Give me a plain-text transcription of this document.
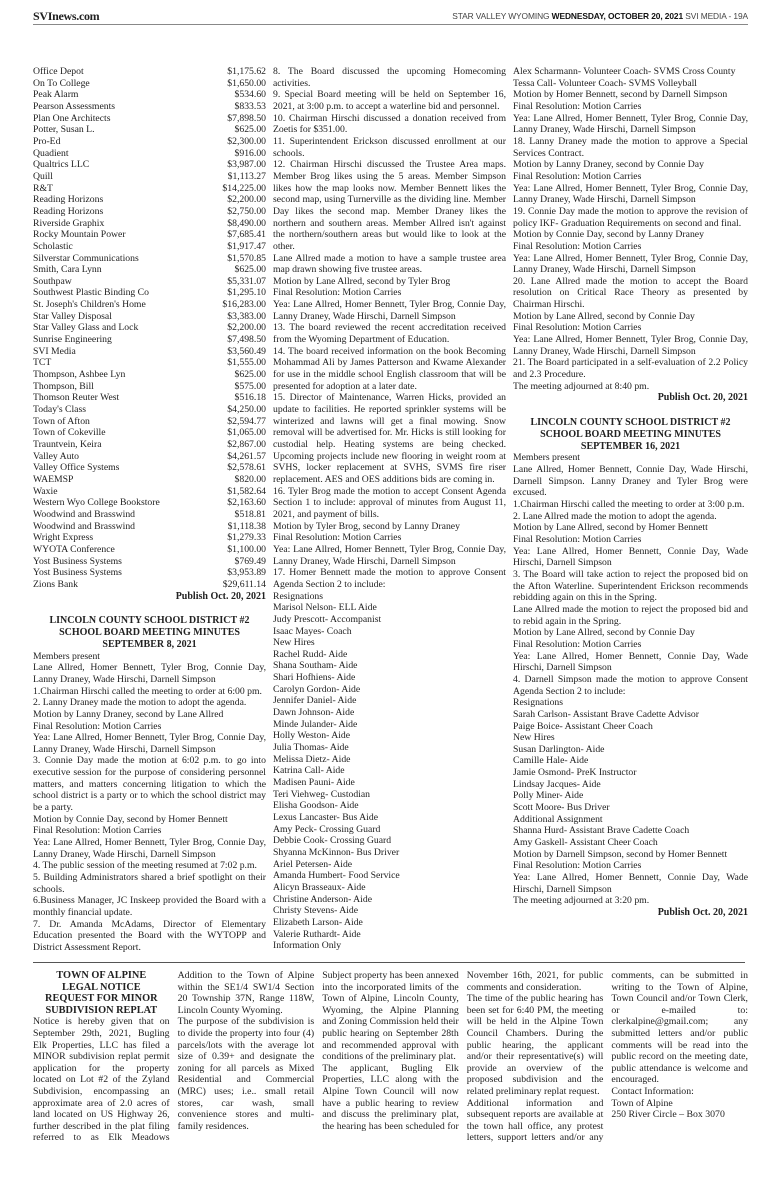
SVInews.com	STAR VALLEY WYOMING WEDNESDAY, OCTOBER 20, 2021 SVI MEDIA - 19A
Office Depot	$1,175.62
On To College	$1,650.00
Peak Alarm	$534.60
Pearson Assessments	$833.53
Plan One Architects	$7,898.50
Potter, Susan L.	$625.00
Pro-Ed	$2,300.00
Quadient	$916.00
Qualtrics LLC	$3,987.00
Quill	$1,113.27
R&T	$14,225.00
Reading Horizons	$2,200.00
Reading Horizons	$2,750.00
Riverside Graphix	$8,490.00
Rocky Mountain Power	$7,685.41
Scholastic	$1,917.47
Silverstar Communications	$1,570.85
Smith, Cara Lynn	$625.00
Southpaw	$5,331.07
Southwest Plastic Binding Co	$1,295.10
St. Joseph's Children's Home	$16,283.00
Star Valley Disposal	$3,383.00
Star Valley Glass and Lock	$2,200.00
Sunrise Engineering	$7,498.50
SVI Media	$3,560.49
TCT	$1,555.00
Thompson, Ashbee Lyn	$625.00
Thompson, Bill	$575.00
Thomson Reuter West	$516.18
Today's Class	$4,250.00
Town of Afton	$2,594.77
Town of Cokeville	$1,065.00
Trauntvein, Keira	$2,867.00
Valley Auto	$4,261.57
Valley Office Systems	$2,578.61
WAEMSP	$820.00
Waxie	$1,582.64
Western Wyo College Bookstore	$2,163.60
Woodwind and Brasswind	$518.81
Woodwind and Brasswind	$1,118.38
Wright Express	$1,279.33
WYOTA Conference	$1,100.00
Yost Business Systems	$769.49
Yost Business Systems	$3,953.89
Zions Bank	$29,611.14
Publish Oct. 20, 2021
LINCOLN COUNTY SCHOOL DISTRICT #2
SCHOOL BOARD MEETING MINUTES
SEPTEMBER 8, 2021

Members present

Lane Allred, Homer Bennett, Tyler Brog, Connie Day, Lanny Draney, Wade Hirschi, Darnell Simpson

1.Chairman Hirschi called the meeting to order at 6:00 pm.

2. Lanny Draney made the motion to adopt the agenda.

Motion by Lanny Draney, second by Lane Allred

Final Resolution: Motion Carries

Yea: Lane Allred, Homer Bennett, Tyler Brog, Connie Day, Lanny Draney, Wade Hirschi, Darnell Simpson

3. Connie Day made the motion at 6:02 p.m. to go into executive session for the purpose of considering personnel matters, and matters concerning litigation to which the school district is a party or to which the school district may be a party.

Motion by Connie Day, second by Homer Bennett

Final Resolution: Motion Carries

Yea: Lane Allred, Homer Bennett, Tyler Brog, Connie Day, Lanny Draney, Wade Hirschi, Darnell Simpson

4. The public session of the meeting resumed at 7:02 p.m.

5. Building Administrators shared a brief spotlight on their schools.

6.Business Manager, JC Inskeep provided the Board with a monthly financial update.

7. Dr. Amanda McAdams, Director of Elementary Education presented the Board with the WYTOPP and District Assessment Report.

8. The Board discussed the upcoming Homecoming activities.

9. Special Board meeting will be held on September 16, 2021, at 3:00 p.m. to accept a waterline bid and personnel.

10. Chairman Hirschi discussed a donation received from Zoetis for $351.00.

11. Superintendent Erickson discussed enrollment at our schools.

12. Chairman Hirschi discussed the Trustee Area maps. Member Brog likes using the 5 areas. Member Simpson likes how the map looks now. Member Bennett likes the second map, using Turnerville as the dividing line. Member Day likes the second map. Member Draney likes the northern and southern areas. Member Allred isn't against the northern/southern areas but would like to look at the other.

Lane Allred made a motion to have a sample trustee area map drawn showing five trustee areas.

Motion by Lane Allred, second by Tyler Brog

Final Resolution: Motion Carries

Yea: Lane Allred, Homer Bennett, Tyler Brog, Connie Day, Lanny Draney, Wade Hirschi, Darnell Simpson

13. The board reviewed the recent accreditation received from the Wyoming Department of Education.

14. The board received information on the book Becoming Mohammad Ali by James Patterson and Kwame Alexander for use in the middle school English classroom that will be presented for adoption at a later date.

15. Director of Maintenance, Warren Hicks, provided an update to facilities. He reported sprinkler systems will be winterized and lawns will get a final mowing. Snow removal will be advertised for. Mr. Hicks is still looking for custodial help. Heating systems are being checked. Upcoming projects include new flooring in weight room at SVHS, locker replacement at SVHS, SVMS fire riser replacement. AES and OES additions bids are coming in.

16. Tyler Brog made the motion to accept Consent Agenda Section 1 to include: approval of minutes from August 11, 2021, and payment of bills.

Motion by Tyler Brog, second by Lanny Draney

Final Resolution: Motion Carries

Yea: Lane Allred, Homer Bennett, Tyler Brog, Connie Day, Lanny Draney, Wade Hirschi, Darnell Simpson

17. Homer Bennett made the motion to approve Consent Agenda Section 2 to include:

Resignations

Marisol Nelson- ELL Aide

Judy Prescott- Accompanist

Isaac Mayes- Coach

New Hires

Rachel Rudd- Aide

Shana Southam- Aide

Shari Hofhiens- Aide

Carolyn Gordon- Aide

Jennifer Daniel- Aide

Dawn Johnson- Aide

Minde Julander- Aide

Holly Weston- Aide

Julia Thomas- Aide

Melissa Dietz- Aide

Katrina Call- Aide

Madisen Pauni- Aide

Teri Viehweg- Custodian

Elisha Goodson- Aide

Lexus Lancaster- Bus Aide

Amy Peck- Crossing Guard

Debbie Cook- Crossing Guard

Shyanna McKinnon- Bus Driver

Ariel Petersen- Aide

Amanda Humbert- Food Service

Alicyn Brasseaux- Aide

Christine Anderson- Aide

Christy Stevens- Aide

Elizabeth Larson- Aide

Valerie Ruthardt- Aide

Information Only

Alex Scharmann- Volunteer Coach- SVMS Cross County

Tessa Call- Volunteer Coach- SVMS Volleyball

Motion by Homer Bennett, second by Darnell Simpson

Final Resolution: Motion Carries

Yea: Lane Allred, Homer Bennett, Tyler Brog, Connie Day, Lanny Draney, Wade Hirschi, Darnell Simpson

18. Lanny Draney made the motion to approve a Special Services Contract.

Motion by Lanny Draney, second by Connie Day

Final Resolution: Motion Carries

Yea: Lane Allred, Homer Bennett, Tyler Brog, Connie Day, Lanny Draney, Wade Hirschi, Darnell Simpson

19. Connie Day made the motion to approve the revision of policy IKF- Graduation Requirements on second and final.

Motion by Connie Day, second by Lanny Draney

Final Resolution: Motion Carries

Yea: Lane Allred, Homer Bennett, Tyler Brog, Connie Day, Lanny Draney, Wade Hirschi, Darnell Simpson

20. Lane Allred made the motion to accept the Board resolution on Critical Race Theory as presented by Chairman Hirschi.

Motion by Lane Allred, second by Connie Day

Final Resolution: Motion Carries

Yea: Lane Allred, Homer Bennett, Tyler Brog, Connie Day, Lanny Draney, Wade Hirschi, Darnell Simpson

21. The Board participated in a self-evaluation of 2.2 Policy and 2.3 Procedure.

The meeting adjourned at 8:40 pm.

Publish Oct. 20, 2021
LINCOLN COUNTY SCHOOL DISTRICT #2
SCHOOL BOARD MEETING MINUTES
SEPTEMBER 16, 2021

Members present

Lane Allred, Homer Bennett, Connie Day, Wade Hirschi, Darnell Simpson. Lanny Draney and Tyler Brog were excused.

1.Chairman Hirschi called the meeting to order at 3:00 p.m.

2. Lane Allred made the motion to adopt the agenda.

Motion by Lane Allred, second by Homer Bennett

Final Resolution: Motion Carries

Yea: Lane Allred, Homer Bennett, Connie Day, Wade Hirschi, Darnell Simpson

3. The Board will take action to reject the proposed bid on the Afton Waterline. Superintendent Erickson recommends rebidding again on this in the Spring.

Lane Allred made the motion to reject the proposed bid and to rebid again in the Spring.

Motion by Lane Allred, second by Connie Day

Final Resolution: Motion Carries

Yea: Lane Allred, Homer Bennett, Connie Day, Wade Hirschi, Darnell Simpson

4. Darnell Simpson made the motion to approve Consent Agenda Section 2 to include:

Resignations

Sarah Carlson- Assistant Brave Cadette Advisor

Paige Boice- Assistant Cheer Coach

New Hires

Susan Darlington- Aide

Camille Hale- Aide

Jamie Osmond- PreK Instructor

Lindsay Jacques- Aide

Polly Miner- Aide

Scott Moore- Bus Driver

Additional Assignment

Shanna Hurd- Assistant Brave Cadette Coach

Amy Gaskell- Assistant Cheer Coach

Motion by Darnell Simpson, second by Homer Bennett

Final Resolution: Motion Carries

Yea: Lane Allred, Homer Bennett, Connie Day, Wade Hirschi, Darnell Simpson

The meeting adjourned at 3:20 pm.

Publish Oct. 20, 2021
TOWN OF ALPINE
LEGAL NOTICE
REQUEST FOR MINOR
SUBDIVISION REPLAT

Notice is hereby given that on September 29th, 2021, Bugling Elk Properties, LLC has filed a MINOR subdivision replat permit application for the property located on Lot #2 of the Zyland Subdivision, encompassing an approximate area of 2.0 acres of land located on US Highway 26, further described in the plat filing referred to as Elk Meadows Addition to the Town of Alpine within the SE1/4 SW1/4 Section 20 Township 37N, Range 118W, Lincoln County Wyoming.

The purpose of the subdivision is to divide the property into four (4) parcels/lots with the average lot size of 0.39+ and designate the zoning for all parcels as Mixed Residential and Commercial (MRC) uses; i.e.. small retail stores, car wash, small convenience stores and multi-family residences.

Subject property has been annexed into the incorporated limits of the Town of Alpine, Lincoln County, Wyoming, the Alpine Planning and Zoning Commission held their public hearing on September 28th and recommended approval with conditions of the preliminary plat.

The applicant, Bugling Elk Properties, LLC along with the Alpine Town Council will now have a public hearing to review and discuss the preliminary plat, the hearing has been scheduled for November 16th, 2021, for public comments and consideration.

The time of the public hearing has been set for 6:40 PM, the meeting will be held in the Alpine Town Council Chambers. During the public hearing, the applicant and/or their representative(s) will provide an overview of the proposed subdivision and the related preliminary replat request.

Additional information and subsequent reports are available at the town hall office, any protest letters, support letters and/or any comments, can be submitted in writing to the Town of Alpine, Town Council and/or Town Clerk, or e-mailed to: clerkalpine@gmail.com; any submitted letters and/or public comments will be read into the public record on the meeting date, public attendance is welcome and encouraged.

Contact Information:

Town of Alpine

250 River Circle – Box 3070
